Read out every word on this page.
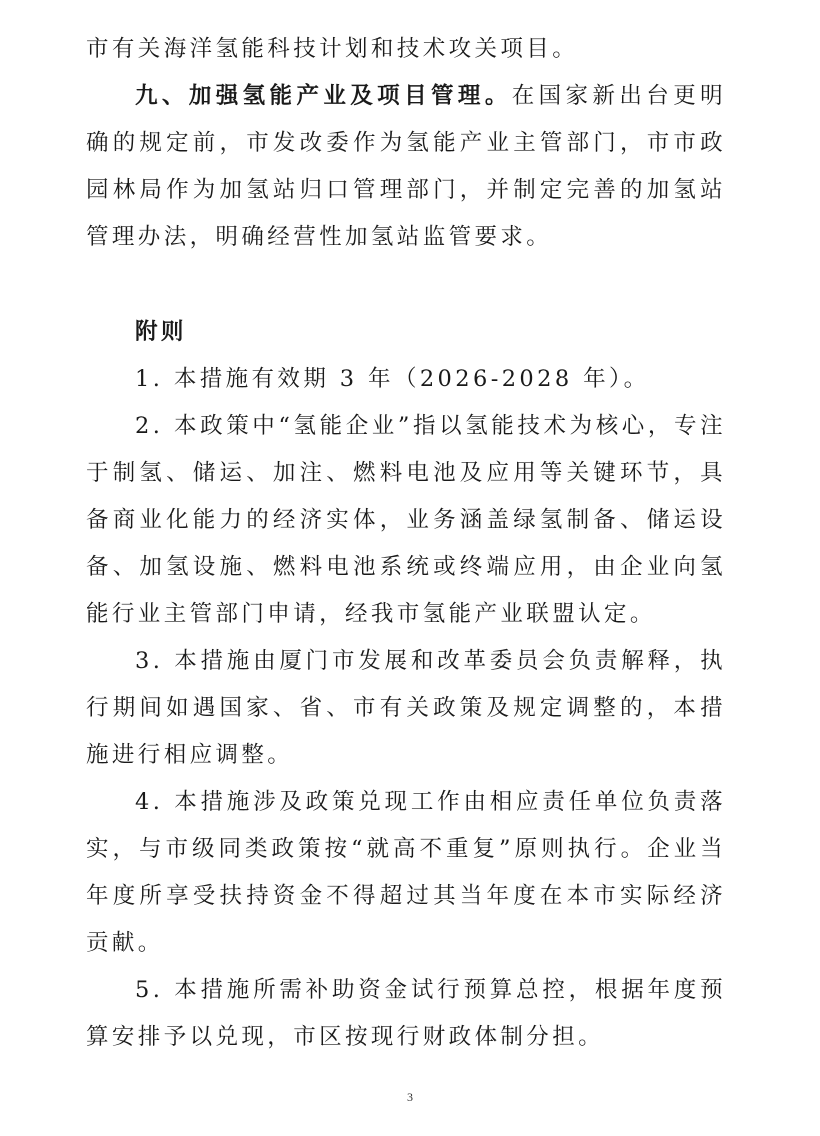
市有关海洋氢能科技计划和技术攻关项目。

九、加强氢能产业及项目管理。在国家新出台更明确的规定前，市发改委作为氢能产业主管部门，市市政园林局作为加氢站归口管理部门，并制定完善的加氢站管理办法，明确经营性加氢站监管要求。

附则

1. 本措施有效期 3 年（2026-2028 年）。

2. 本政策中“氢能企业”指以氢能技术为核心，专注于制氢、储运、加注、燃料电池及应用等关键环节，具备商业化能力的经济实体，业务涵盖绿氢制备、储运设备、加氢设施、燃料电池系统或终端应用，由企业向氢能行业主管部门申请，经我市氢能产业联盟认定。

3. 本措施由厦门市发展和改革委员会负责解释，执行期间如遇国家、省、市有关政策及规定调整的，本措施进行相应调整。

4. 本措施涉及政策兑现工作由相应责任单位负责落实，与市级同类政策按“就高不重复”原则执行。企业当年度所享受扶持资金不得超过其当年度在本市实际经济贡献。

5. 本措施所需补助资金试行预算总控，根据年度预算安排予以兑现，市区按现行财政体制分担。

3
